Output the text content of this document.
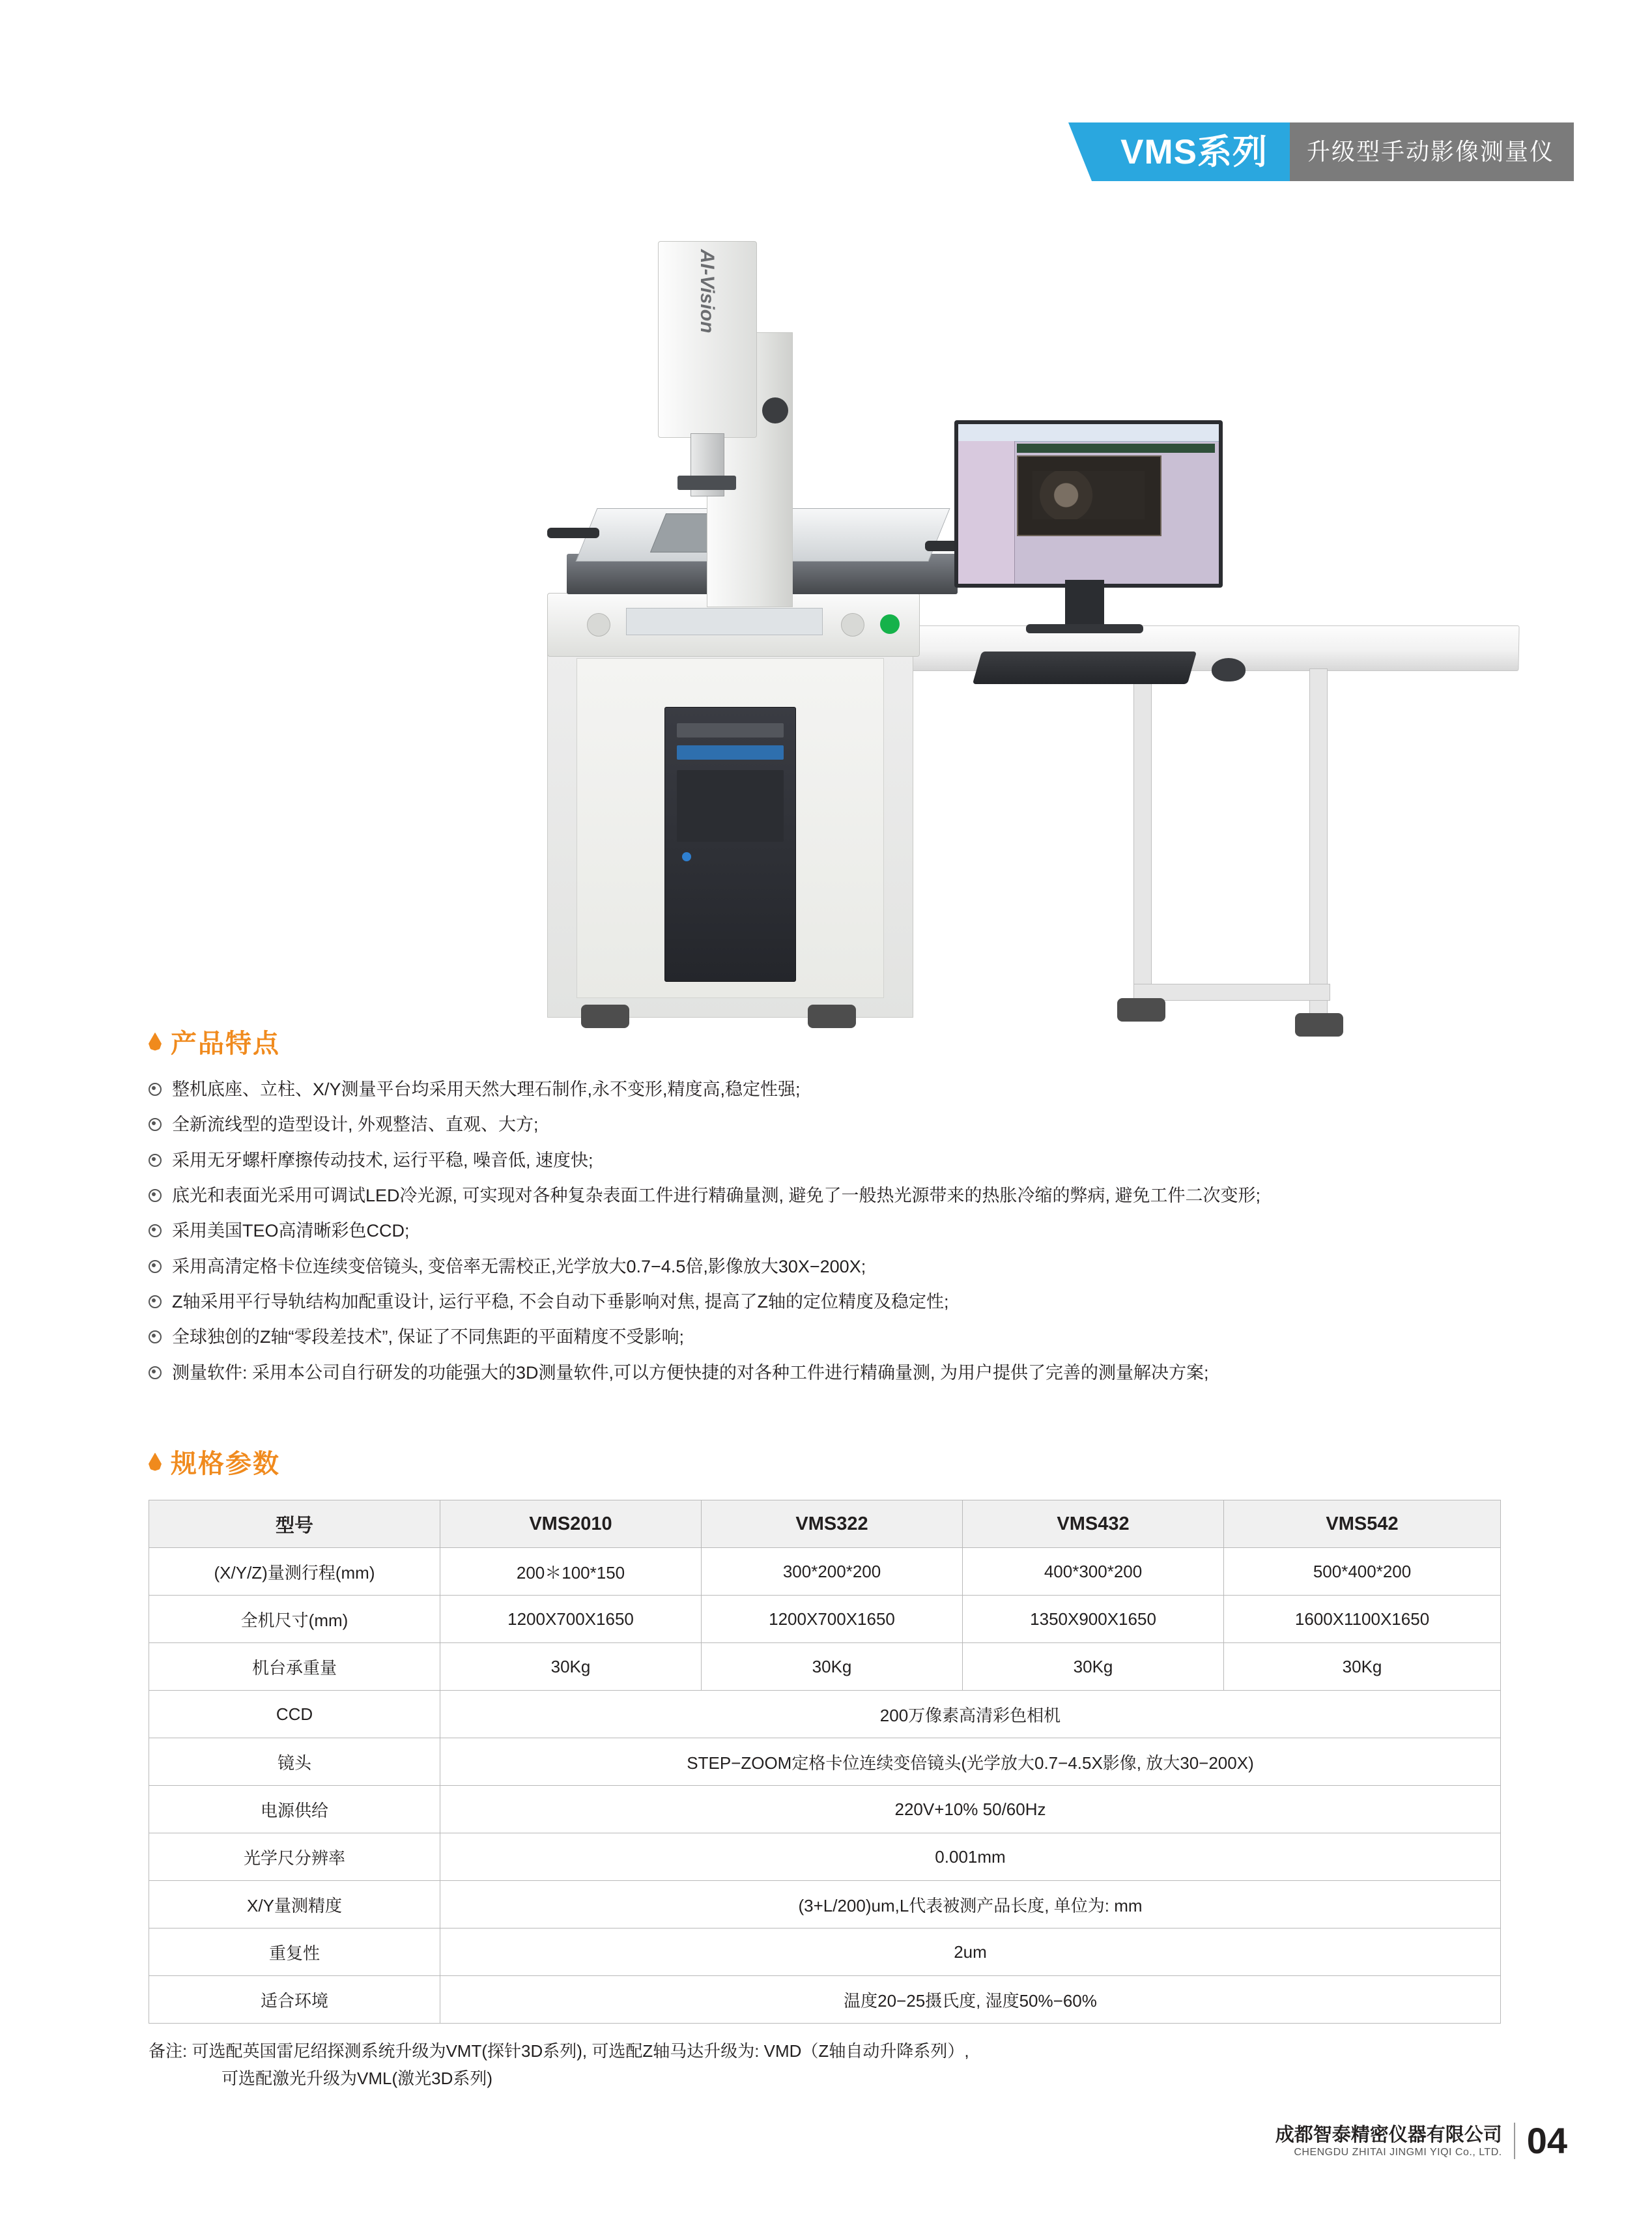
VMS系列 升级型手动影像测量仪
AI-Vision
产品特点
整机底座、立柱、X/Y测量平台均采用天然大理石制作,永不变形,精度高,稳定性强;
全新流线型的造型设计, 外观整洁、直观、大方;
采用无牙螺杆摩擦传动技术, 运行平稳, 噪音低, 速度快;
底光和表面光采用可调试LED冷光源, 可实现对各种复杂表面工件进行精确量测, 避免了一般热光源带来的热胀冷缩的弊病, 避免工件二次变形;
采用美国TEO高清晰彩色CCD;
采用高清定格卡位连续变倍镜头, 变倍率无需校正,光学放大0.7−4.5倍,影像放大30X−200X;
Z轴采用平行导轨结构加配重设计, 运行平稳, 不会自动下垂影响对焦, 提高了Z轴的定位精度及稳定性;
全球独创的Z轴“零段差技术”, 保证了不同焦距的平面精度不受影响;
测量软件: 采用本公司自行研发的功能强大的3D测量软件,可以方便快捷的对各种工件进行精确量测, 为用户提供了完善的测量解决方案;
规格参数
型号	VMS2010	VMS322	VMS432	VMS542
(X/Y/Z)量测行程(mm)	200＊100*150	300*200*200	400*300*200	500*400*200
全机尺寸(mm)	1200X700X1650	1200X700X1650	1350X900X1650	1600X1100X1650
机台承重量	30Kg	30Kg	30Kg	30Kg
CCD	200万像素高清彩色相机			
镜头	STEP−ZOOM定格卡位连续变倍镜头(光学放大0.7−4.5X影像, 放大30−200X)			
电源供给	220V+10% 50/60Hz			
光学尺分辨率	0.001mm			
X/Y量测精度	(3+L/200)um,L代表被测产品长度, 单位为: mm			
重复性	2um			
适合环境	温度20−25摄氏度, 湿度50%−60%			
备注: 可选配英国雷尼绍探测系统升级为VMT(探针3D系列), 可选配Z轴马达升级为: VMD（Z轴自动升降系列）,
可选配激光升级为VML(激光3D系列)
成都智泰精密仪器有限公司
CHENGDU ZHITAI JINGMI YIQI Co., LTD. 04
